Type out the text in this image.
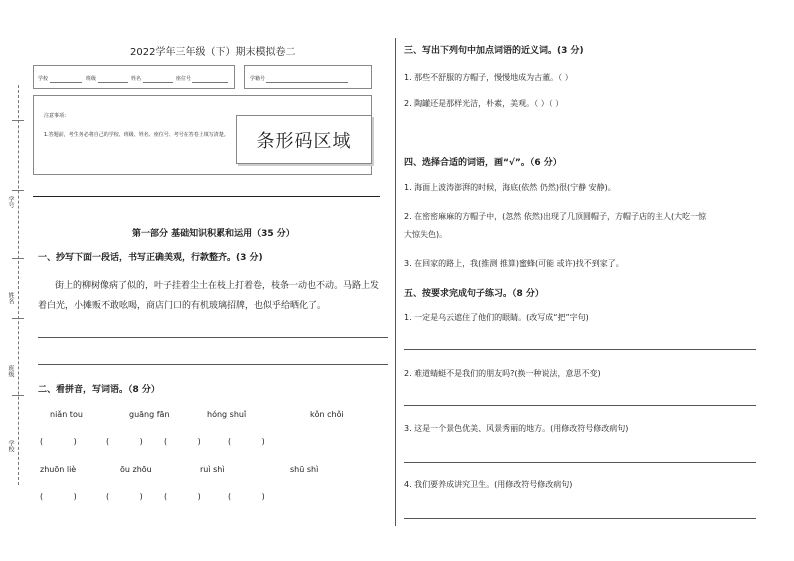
学号
姓名
班级
学校
2022学年三年级（下）期末模拟卷二
学校	班级	姓名	座位号	学籍号
注意事项：
1.答题前，考生务必将自己的学校、班级、姓名、座位号、考号在答卷上填写清楚。	条形码区域
第一部分 基础知识积累和运用（35 分）
一、抄写下面一段话，书写正确美观，行款整齐。(3 分)
街上的柳树像病了似的，叶子挂着尘土在枝上打着卷，枝条一动也不动。马路上发
着白光，小摊贩不敢吆喝，商店门口的有机玻璃招牌，也似乎给晒化了。
二、看拼音，写词语。（8 分）
niǎn tou	guāng fān	hóng shuǐ	kǒn chǒi
(            )	(            )	(            )	(            )
zhuōn liè	ōu zhōu	ruì shì	shū shì
(            )	(            )	(            )	(            )
三、写出下列句中加点词语的近义词。(3 分)
1. 那些不舒服的方帽子，慢慢地成为古董。（ ）
2. 陶罐还是那样光洁，朴素，美观。（ ）（ ）
四、选择合适的词语，画“√”。（6 分）
1. 海面上波涛澎湃的时候，海底(依然 仍然)很(宁静 安静)。
2. 在密密麻麻的方帽子中，(忽然 依然)出现了几顶圆帽子，方帽子店的主人(大吃一惊
大惊失色)。
3. 在回家的路上，我(推测 推算)蜜蜂(可能 或许)找不到家了。
五、按要求完成句子练习。（8 分）
1. 一定是乌云遮住了他们的眼睛。(改写成“把”字句)
2. 难道蜻蜓不是我们的朋友吗?(换一种说法，意思不变)
3. 这是一个景色优美、风景秀丽的地方。(用修改符号修改病句)
4. 我们要养成讲究卫生。(用修改符号修改病句)
